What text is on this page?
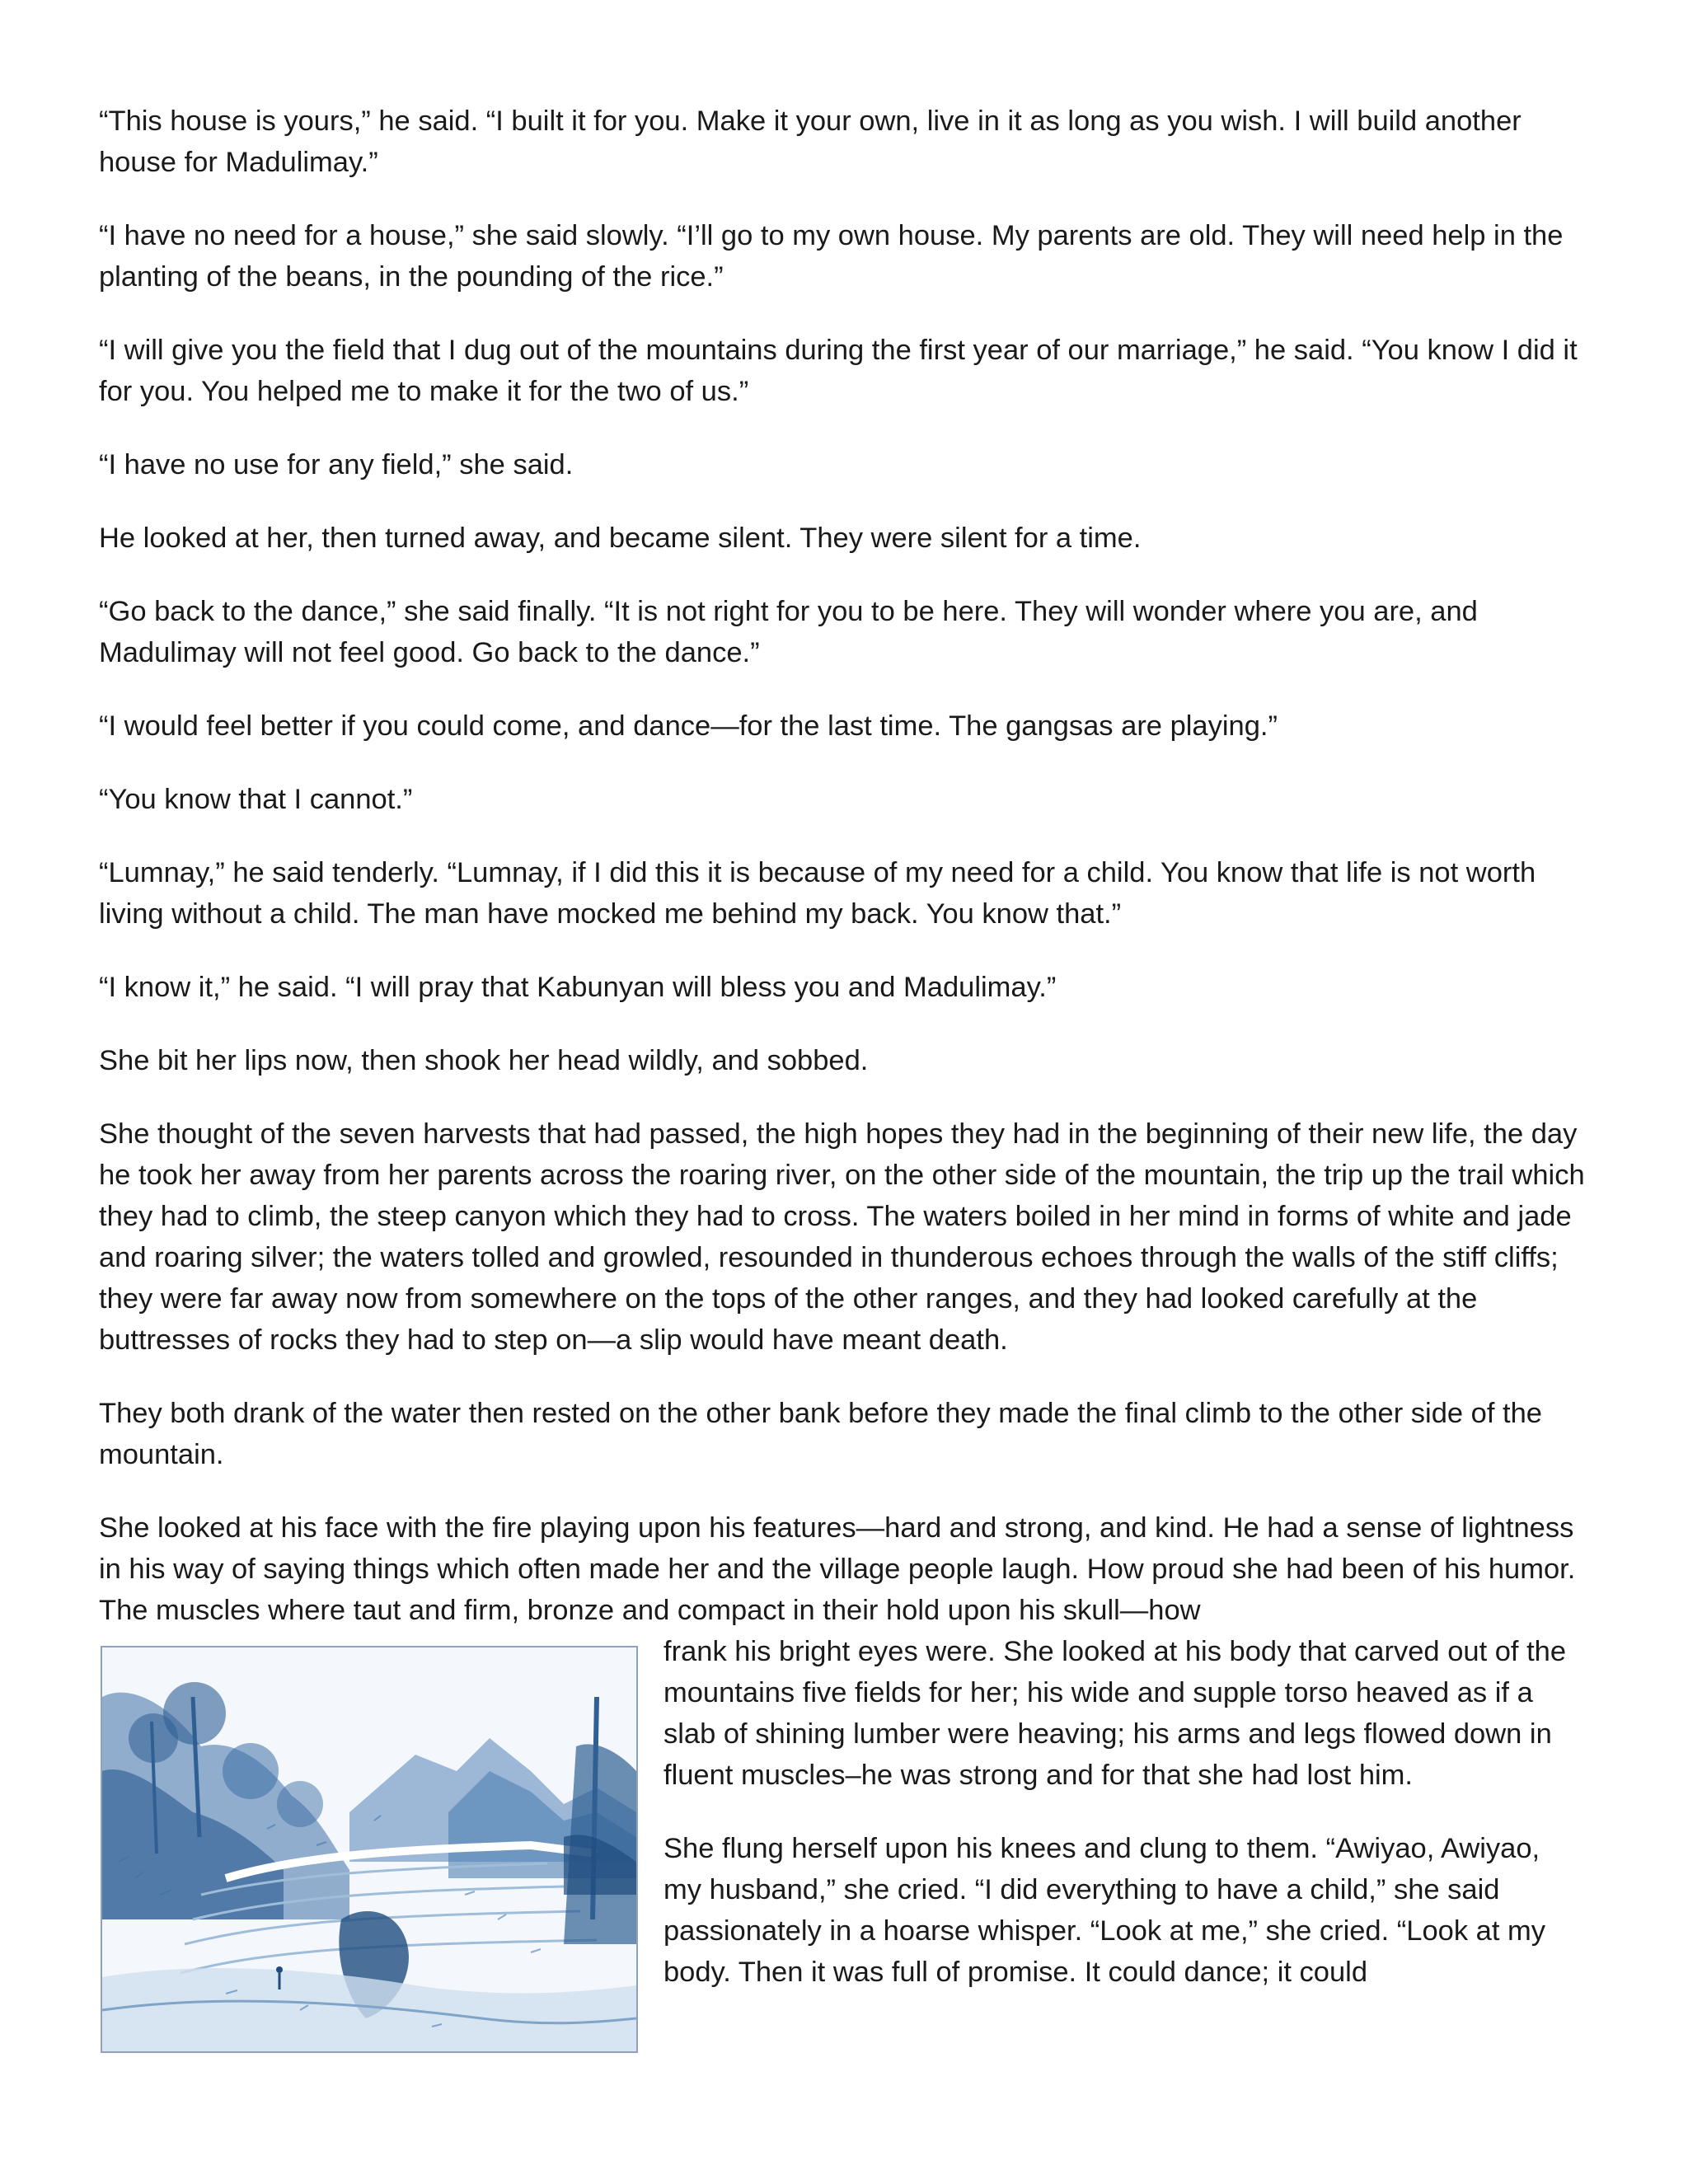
“This house is yours,” he said. “I built it for you. Make it your own, live in it as long as you wish. I will build another house for Madulimay.”

“I have no need for a house,” she said slowly. “I’ll go to my own house. My parents are old. They will need help in the planting of the beans, in the pounding of the rice.”

“I will give you the field that I dug out of the mountains during the first year of our marriage,” he said. “You know I did it for you. You helped me to make it for the two of us.”

“I have no use for any field,” she said.

He looked at her, then turned away, and became silent. They were silent for a time.

“Go back to the dance,” she said finally. “It is not right for you to be here. They will wonder where you are, and Madulimay will not feel good. Go back to the dance.”

“I would feel better if you could come, and dance—for the last time. The gangsas are playing.”

“You know that I cannot.”

“Lumnay,” he said tenderly. “Lumnay, if I did this it is because of my need for a child. You know that life is not worth living without a child. The man have mocked me behind my back. You know that.”

“I know it,” he said. “I will pray that Kabunyan will bless you and Madulimay.”

She bit her lips now, then shook her head wildly, and sobbed.

She thought of the seven harvests that had passed, the high hopes they had in the beginning of their new life, the day he took her away from her parents across the roaring river, on the other side of the mountain, the trip up the trail which they had to climb, the steep canyon which they had to cross. The waters boiled in her mind in forms of white and jade and roaring silver; the waters tolled and growled, resounded in thunderous echoes through the walls of the stiff cliffs; they were far away now from somewhere on the tops of the other ranges, and they had looked carefully at the buttresses of rocks they had to step on—a slip would have meant death.

They both drank of the water then rested on the other bank before they made the final climb to the other side of the mountain.

She looked at his face with the fire playing upon his features—hard and strong, and kind. He had a sense of lightness in his way of saying things which often made her and the village people laugh. How proud she had been of his humor. The muscles where taut and firm, bronze and compact in their hold upon his skull—how

frank his bright eyes were. She looked at his body that carved out of the mountains five fields for her; his wide and supple torso heaved as if a slab of shining lumber were heaving; his arms and legs flowed down in fluent muscles–he was strong and for that she had lost him.

She flung herself upon his knees and clung to them. “Awiyao, Awiyao, my husband,” she cried. “I did everything to have a child,” she said passionately in a hoarse whisper. “Look at me,” she cried. “Look at my body. Then it was full of promise. It could dance; it could
